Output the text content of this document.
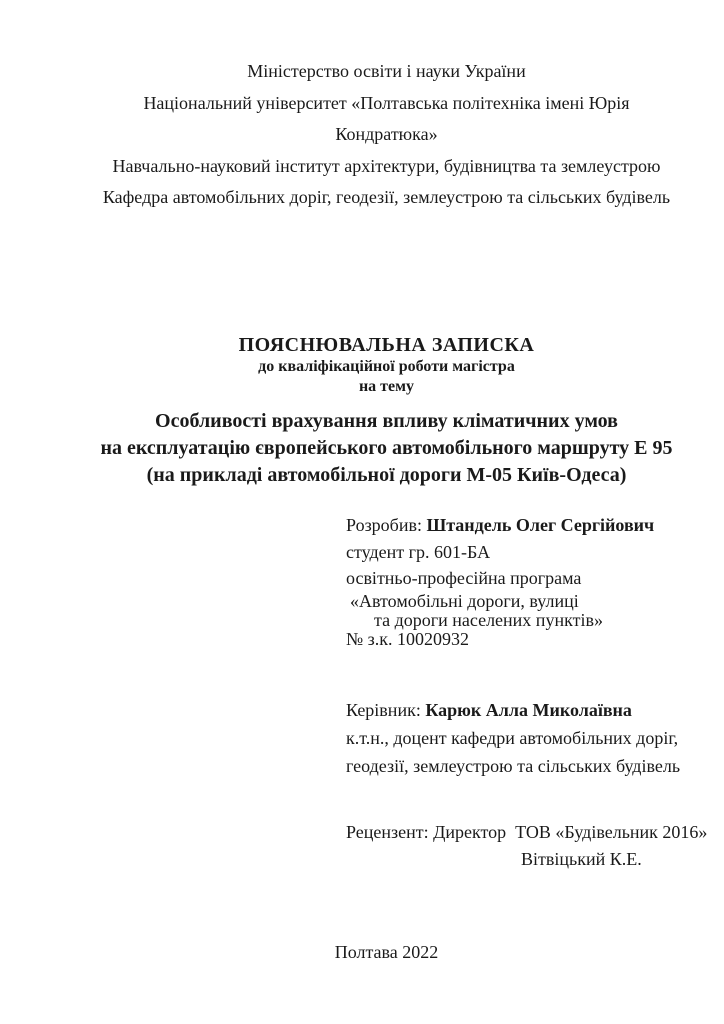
Міністерство освіти і науки України
Національний університет «Полтавська політехніка імені Юрія Кондратюка»
Навчально-науковий інститут архітектури, будівництва та землеустрою
Кафедра автомобільних доріг, геодезії, землеустрою та сільських будівель
ПОЯСНЮВАЛЬНА ЗАПИСКА
до кваліфікаційної роботи магістра
на тему
Особливості врахування впливу кліматичних умов
на експлуатацію європейського автомобільного маршруту Е 95
(на прикладі автомобільної дороги М-05 Київ-Одеса)
Розробив: Штандель Олег Сергійович
студент гр. 601-БА
освітньо-професійна програма
«Автомобільні дороги, вулиці
та дороги населених пунктів»
№ з.к. 10020932
Керівник: Карюк Алла Миколаївна
к.т.н., доцент кафедри автомобільних доріг,
геодезії, землеустрою та сільських будівель
Рецензент: Директор  ТОВ «Будівельник 2016»
Вітвіцький К.Е.
Полтава 2022
